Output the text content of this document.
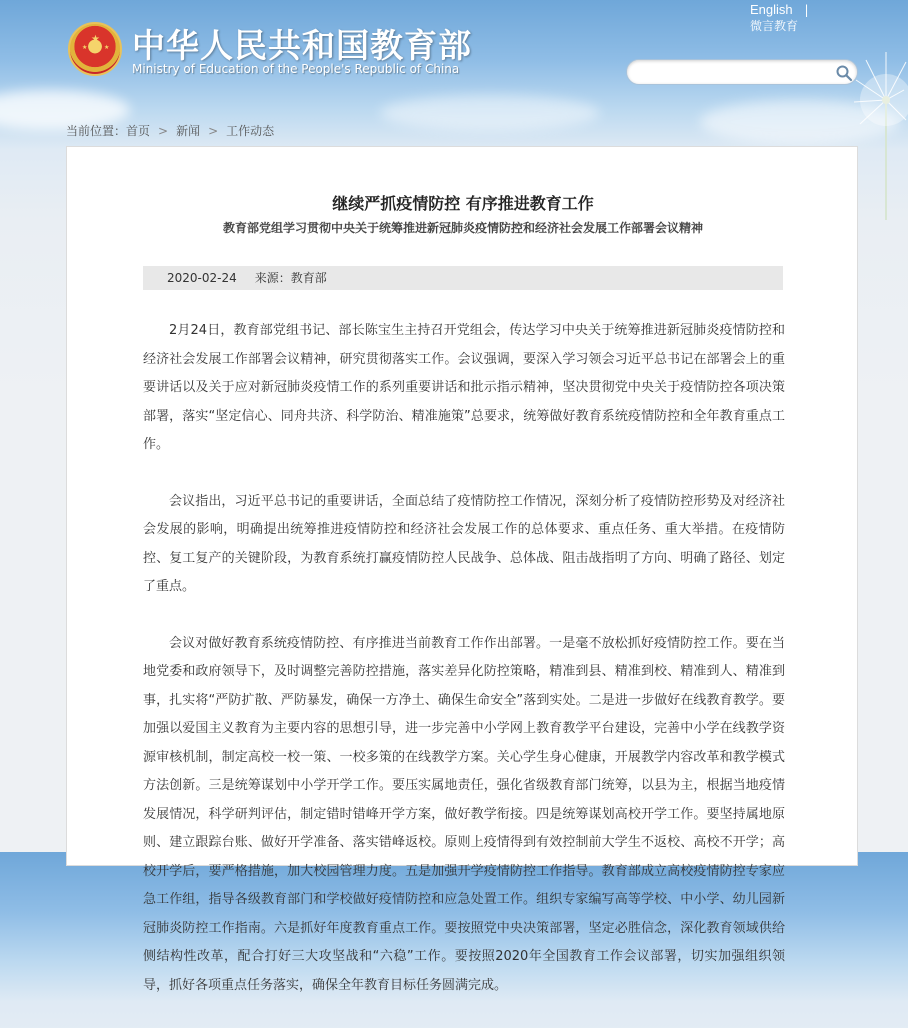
★
★	★ 中华人民共和国教育部
Ministry of Education of the People's Republic of China
English |
微言教育
当前位置：首页 > 新闻 > 工作动态
继续严抓疫情防控 有序推进教育工作
教育部党组学习贯彻中央关于统筹推进新冠肺炎疫情防控和经济社会发展工作部署会议精神
2020-02-24 来源：教育部

2月24日，教育部党组书记、部长陈宝生主持召开党组会，传达学习中央关于统筹推进新冠肺炎疫情防控和经济社会发展工作部署会议精神，研究贯彻落实工作。会议强调，要深入学习领会习近平总书记在部署会上的重要讲话以及关于应对新冠肺炎疫情工作的系列重要讲话和批示指示精神，坚决贯彻党中央关于疫情防控各项决策部署，落实“坚定信心、同舟共济、科学防治、精准施策”总要求，统筹做好教育系统疫情防控和全年教育重点工作。

会议指出，习近平总书记的重要讲话，全面总结了疫情防控工作情况，深刻分析了疫情防控形势及对经济社会发展的影响，明确提出统筹推进疫情防控和经济社会发展工作的总体要求、重点任务、重大举措。在疫情防控、复工复产的关键阶段，为教育系统打赢疫情防控人民战争、总体战、阻击战指明了方向、明确了路径、划定了重点。

会议对做好教育系统疫情防控、有序推进当前教育工作作出部署。一是毫不放松抓好疫情防控工作。要在当地党委和政府领导下，及时调整完善防控措施，落实差异化防控策略，精准到县、精准到校、精准到人、精准到事，扎实将“严防扩散、严防暴发，确保一方净土、确保生命安全”落到实处。二是进一步做好在线教育教学。要加强以爱国主义教育为主要内容的思想引导，进一步完善中小学网上教育教学平台建设，完善中小学在线教学资源审核机制，制定高校一校一策、一校多策的在线教学方案。关心学生身心健康，开展教学内容改革和教学模式方法创新。三是统筹谋划中小学开学工作。要压实属地责任，强化省级教育部门统筹，以县为主，根据当地疫情发展情况，科学研判评估，制定错时错峰开学方案，做好教学衔接。四是统筹谋划高校开学工作。要坚持属地原则、建立跟踪台账、做好开学准备、落实错峰返校。原则上疫情得到有效控制前大学生不返校、高校不开学；高校开学后，要严格措施，加大校园管理力度。五是加强开学疫情防控工作指导。教育部成立高校疫情防控专家应急工作组，指导各级教育部门和学校做好疫情防控和应急处置工作。组织专家编写高等学校、中小学、幼儿园新冠肺炎防控工作指南。六是抓好年度教育重点工作。要按照党中央决策部署，坚定必胜信念，深化教育领域供给侧结构性改革，配合打好三大攻坚战和“六稳”工作。要按照2020年全国教育工作会议部署，切实加强组织领导，抓好各项重点任务落实，确保全年教育目标任务圆满完成。
